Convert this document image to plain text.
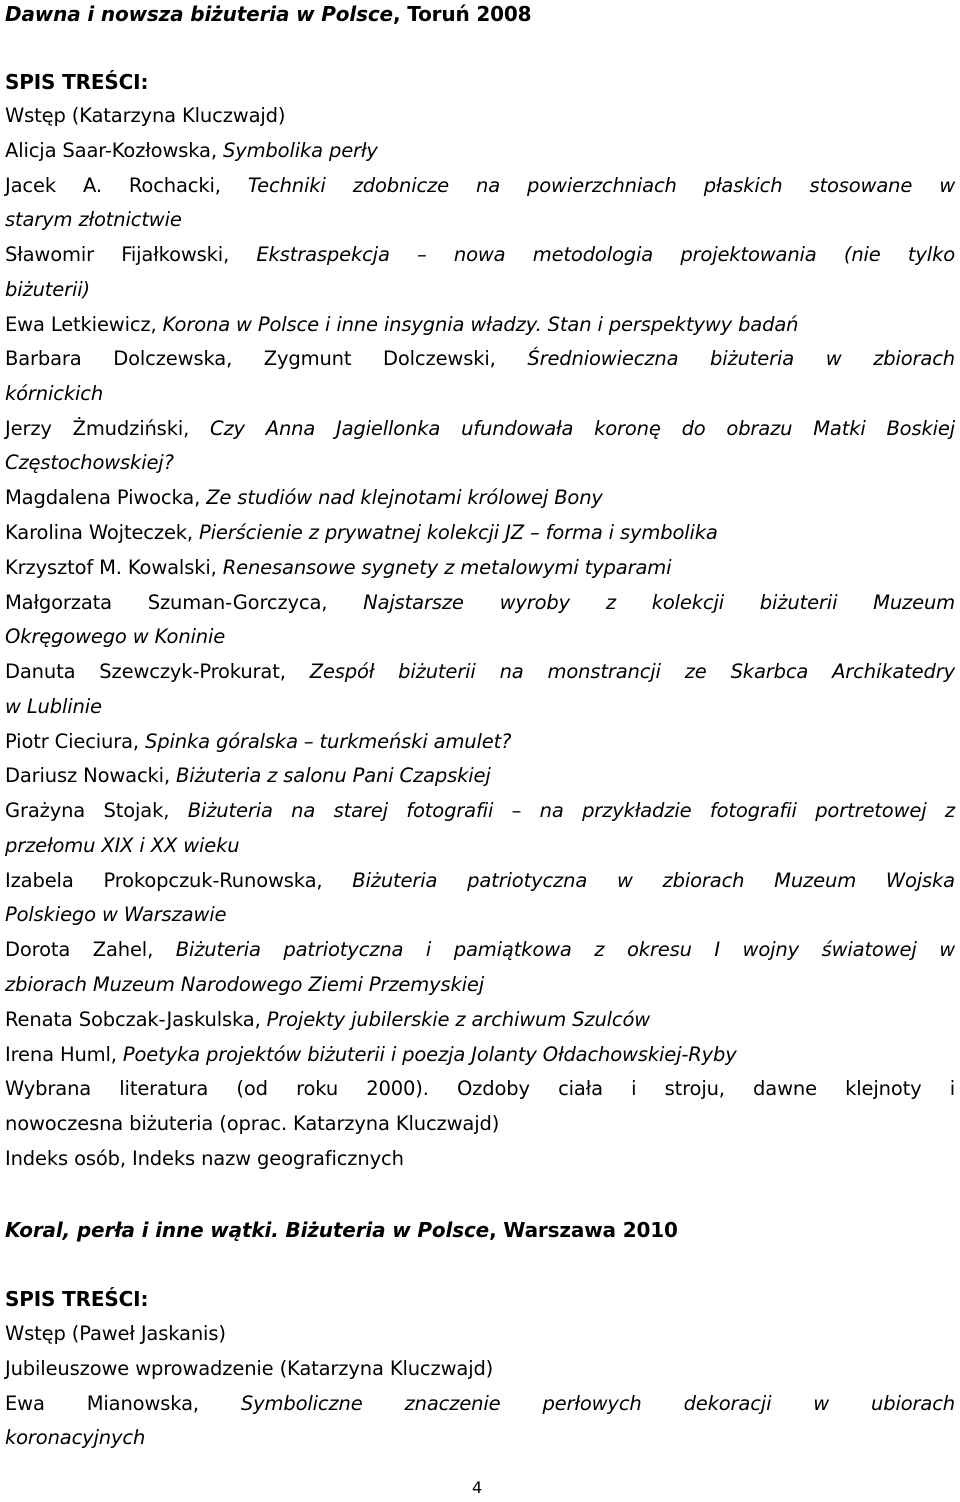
Dawna i nowsza biżuteria w Polsce, Toruń 2008
SPIS TREŚCI:
Wstęp (Katarzyna Kluczwajd)
Alicja Saar-Kozłowska, Symbolika perły
Jacek A. Rochacki, Techniki zdobnicze na powierzchniach płaskich stosowane w
starym złotnictwie
Sławomir Fijałkowski, Ekstraspekcja – nowa metodologia projektowania (nie tylko
biżuterii)
Ewa Letkiewicz, Korona w Polsce i inne insygnia władzy. Stan i perspektywy badań
Barbara Dolczewska, Zygmunt Dolczewski, Średniowieczna biżuteria w zbiorach
kórnickich
Jerzy Żmudziński, Czy Anna Jagiellonka ufundowała koronę do obrazu Matki Boskiej
Częstochowskiej?
Magdalena Piwocka, Ze studiów nad klejnotami królowej Bony
Karolina Wojteczek, Pierścienie z prywatnej kolekcji JZ – forma i symbolika
Krzysztof M. Kowalski, Renesansowe sygnety z metalowymi typarami
Małgorzata Szuman-Gorczyca, Najstarsze wyroby z kolekcji biżuterii Muzeum
Okręgowego w Koninie
Danuta Szewczyk-Prokurat, Zespół biżuterii na monstrancji ze Skarbca Archikatedry
w Lublinie
Piotr Cieciura, Spinka góralska – turkmeński amulet?
Dariusz Nowacki, Biżuteria z salonu Pani Czapskiej
Grażyna Stojak, Biżuteria na starej fotografii – na przykładzie fotografii portretowej z
przełomu XIX i XX wieku
Izabela Prokopczuk-Runowska, Biżuteria patriotyczna w zbiorach Muzeum Wojska
Polskiego w Warszawie
Dorota Zahel, Biżuteria patriotyczna i pamiątkowa z okresu I wojny światowej w
zbiorach Muzeum Narodowego Ziemi Przemyskiej
Renata Sobczak-Jaskulska, Projekty jubilerskie z archiwum Szulców
Irena Huml, Poetyka projektów biżuterii i poezja Jolanty Ołdachowskiej-Ryby
Wybrana literatura (od roku 2000). Ozdoby ciała i stroju, dawne klejnoty i
nowoczesna biżuteria (oprac. Katarzyna Kluczwajd)
Indeks osób, Indeks nazw geograficznych
Koral, perła i inne wątki. Biżuteria w Polsce, Warszawa 2010
SPIS TREŚCI:
Wstęp (Paweł Jaskanis)
Jubileuszowe wprowadzenie (Katarzyna Kluczwajd)
Ewa Mianowska, Symboliczne znaczenie perłowych dekoracji w ubiorach
koronacyjnych
4
